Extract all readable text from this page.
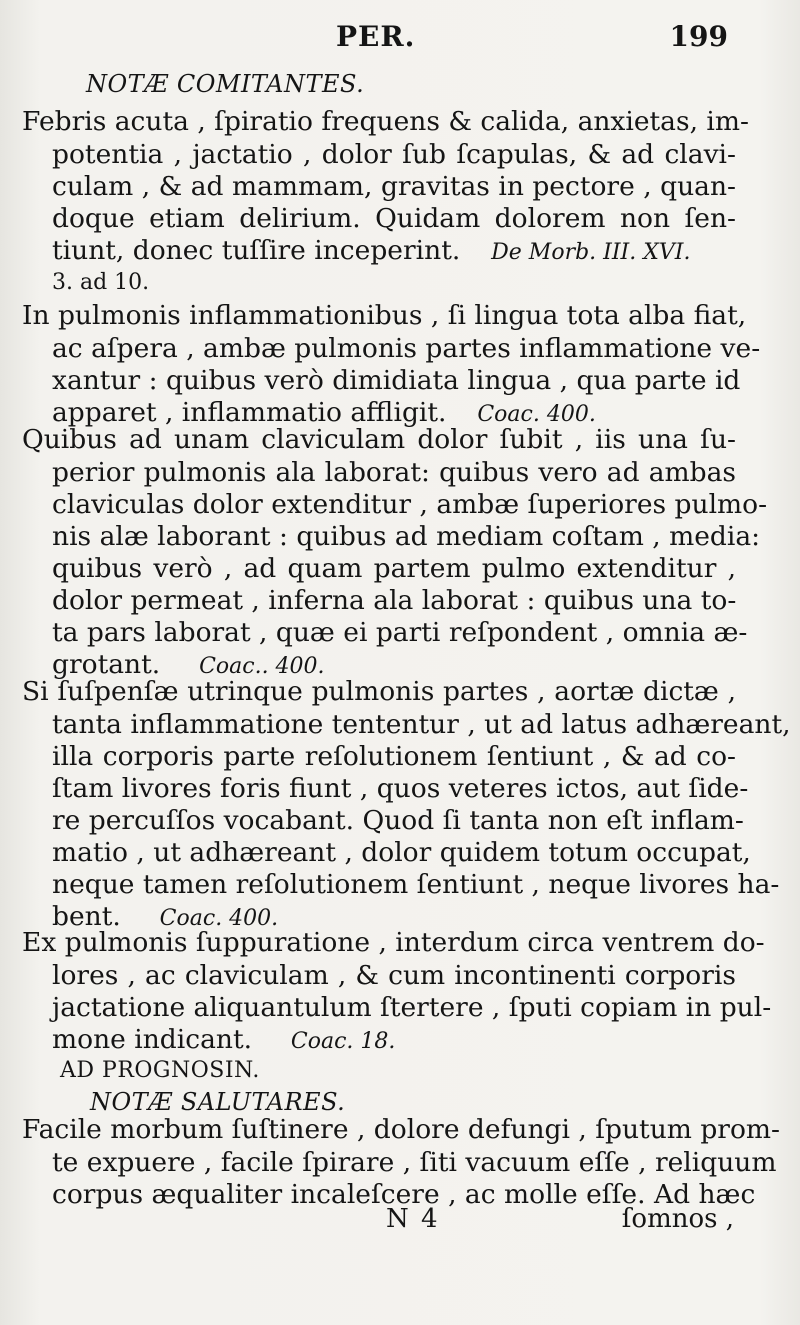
PER.	199
NOTÆ COMITANTES.
Febris acuta , ſpiratio frequens & calida, anxietas, im-
potentia , jactatio , dolor ſub ſcapulas, & ad clavi-
culam , & ad mammam, gravitas in pectore , quan-
doque etiam delirium. Quidam dolorem non ſen-
tiunt, donec tuſſire inceperint. De Morb. III. XVI.
3. ad 10.
In pulmonis inflammationibus , ſi lingua tota alba fiat,
ac aſpera , ambæ pulmonis partes inflammatione ve-
xantur : quibus verò dimidiata lingua , qua parte id
apparet , inflammatio affligit. Coac. 400.
Quibus ad unam claviculam dolor ſubit , iis una ſu-
perior pulmonis ala laborat: quibus vero ad ambas
claviculas dolor extenditur , ambæ ſuperiores pulmo-
nis alæ laborant : quibus ad mediam coſtam , media:
quibus verò , ad quam partem pulmo extenditur ,
dolor permeat , inferna ala laborat : quibus una to-
ta pars laborat , quæ ei parti reſpondent , omnia æ-
grotant. Coac.. 400.
Si ſuſpenſæ utrinque pulmonis partes , aortæ dictæ ,
tanta inflammatione tententur , ut ad latus adhæreant,
illa corporis parte reſolutionem ſentiunt , & ad co-
ſtam livores foris fiunt , quos veteres ictos, aut ſide-
re percuſſos vocabant. Quod ſi tanta non eſt inflam-
matio , ut adhæreant , dolor quidem totum occupat,
neque tamen reſolutionem ſentiunt , neque livores ha-
bent. Coac. 400.
Ex pulmonis ſuppuratione , interdum circa ventrem do-
lores , ac claviculam , & cum incontinenti corporis
jactatione aliquantulum ſtertere , ſputi copiam in pul-
mone indicant. Coac. 18.
AD PROGNOSIN.
NOTÆ SALUTARES.
Facile morbum ſuſtinere , dolore defungi , ſputum prom-
te expuere , facile ſpirare , ſiti vacuum eſſe , reliquum
corpus æqualiter incaleſcere , ac molle eſſe. Ad hæc
N 4	ſomnos ,
